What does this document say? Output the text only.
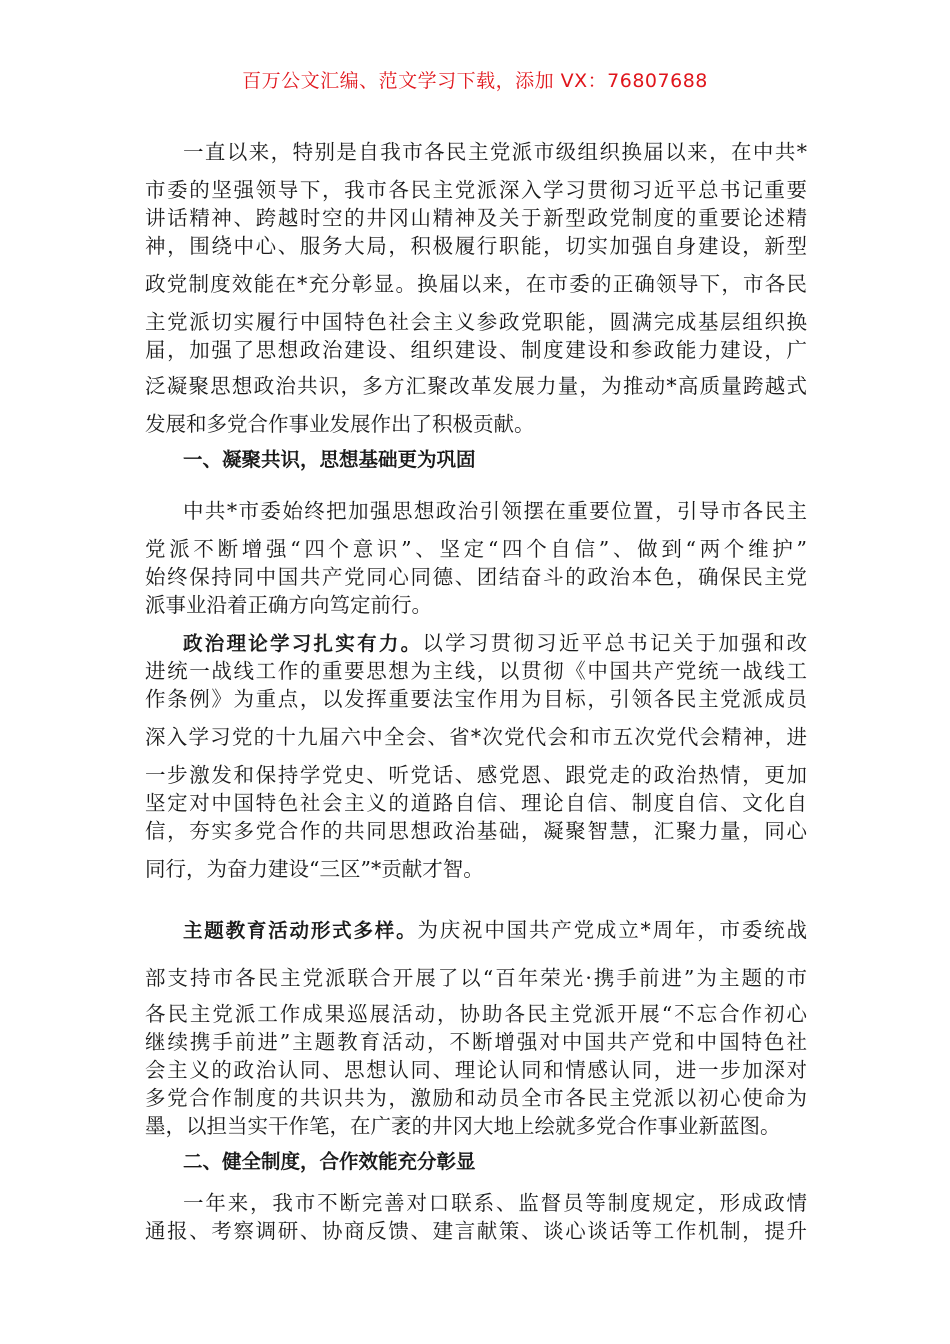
百万公文汇编、范文学习下载，添加 VX：76807688
一直以来，特别是自我市各民主党派市级组织换届以来，在中共*
市委的坚强领导下，我市各民主党派深入学习贯彻习近平总书记重要
讲话精神、跨越时空的井冈山精神及关于新型政党制度的重要论述精
神，围绕中心、服务大局，积极履行职能，切实加强自身建设，新型
政党制度效能在*充分彰显。换届以来，在市委的正确领导下，市各民
主党派切实履行中国特色社会主义参政党职能，圆满完成基层组织换
届，加强了思想政治建设、组织建设、制度建设和参政能力建设，广
泛凝聚思想政治共识，多方汇聚改革发展力量，为推动*高质量跨越式
发展和多党合作事业发展作出了积极贡献。
一、凝聚共识，思想基础更为巩固
中共*市委始终把加强思想政治引领摆在重要位置，引导市各民主
党派不断增强“四个意识”、坚定“四个自信”、做到“两个维护”
始终保持同中国共产党同心同德、团结奋斗的政治本色，确保民主党
派事业沿着正确方向笃定前行。
政治理论学习扎实有力。以学习贯彻习近平总书记关于加强和改
进统一战线工作的重要思想为主线，以贯彻《中国共产党统一战线工
作条例》为重点，以发挥重要法宝作用为目标，引领各民主党派成员
深入学习党的十九届六中全会、省*次党代会和市五次党代会精神，进
一步激发和保持学党史、听党话、感党恩、跟党走的政治热情，更加
坚定对中国特色社会主义的道路自信、理论自信、制度自信、文化自
信，夯实多党合作的共同思想政治基础，凝聚智慧，汇聚力量，同心
同行，为奋力建设“三区”*贡献才智。
主题教育活动形式多样。为庆祝中国共产党成立*周年，市委统战
部支持市各民主党派联合开展了以“百年荣光·携手前进”为主题的市
各民主党派工作成果巡展活动，协助各民主党派开展“不忘合作初心
继续携手前进”主题教育活动，不断增强对中国共产党和中国特色社
会主义的政治认同、思想认同、理论认同和情感认同，进一步加深对
多党合作制度的共识共为，激励和动员全市各民主党派以初心使命为
墨，以担当实干作笔，在广袤的井冈大地上绘就多党合作事业新蓝图。
二、健全制度，合作效能充分彰显
一年来，我市不断完善对口联系、监督员等制度规定，形成政情
通报、考察调研、协商反馈、建言献策、谈心谈话等工作机制，提升
